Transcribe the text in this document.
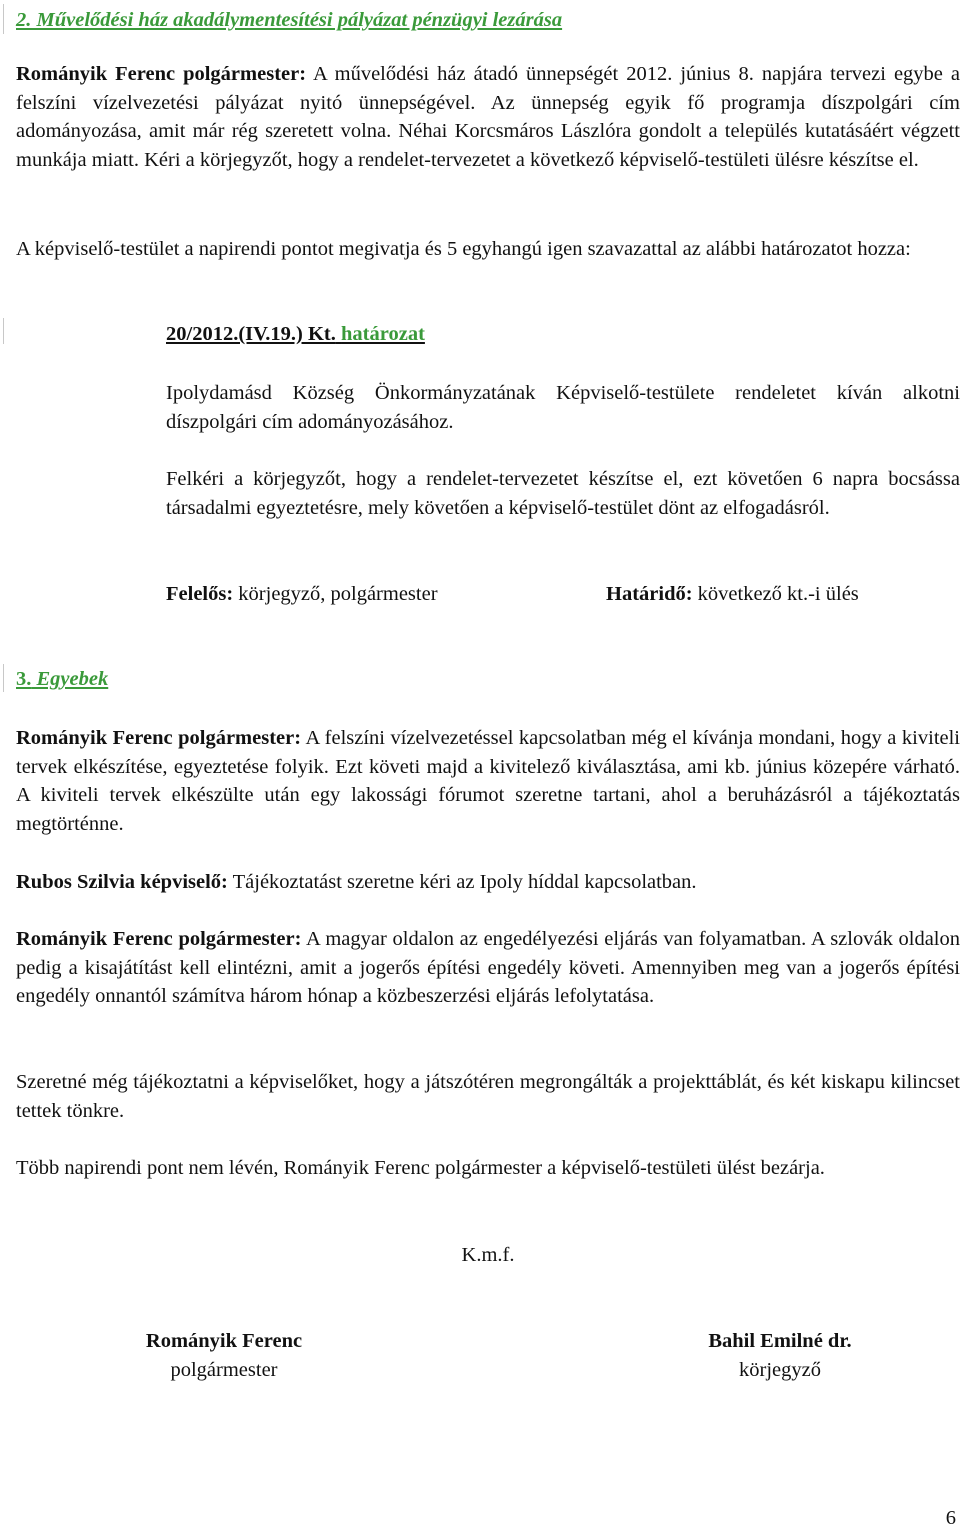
2. Művelődési ház akadálymentesítési pályázat pénzügyi lezárása
Rományik Ferenc polgármester: A művelődési ház átadó ünnepségét 2012. június 8. napjára tervezi egybe a felszíni vízelvezetési pályázat nyitó ünnepségével. Az ünnepség egyik fő programja díszpolgári cím adományozása, amit már rég szeretett volna. Néhai Korcsmáros Lászlóra gondolt a település kutatásáért végzett munkája miatt. Kéri a körjegyzőt, hogy a rendelet-tervezetet a következő képviselő-testületi ülésre készítse el.
A képviselő-testület a napirendi pontot megivatja és 5 egyhangú igen szavazattal az alábbi határozatot hozza:
20/2012.(IV.19.) Kt. határozat
Ipolydamásd Község Önkormányzatának Képviselő-testülete rendeletet kíván alkotni díszpolgári cím adományozásához.
Felkéri a körjegyzőt, hogy a rendelet-tervezetet készítse el, ezt követően 6 napra bocsássa társadalmi egyeztetésre, mely követően a képviselő-testület dönt az elfogadásról.
Felelős: körjegyző, polgármester	Határidő: következő kt.-i ülés
3. Egyebek
Rományik Ferenc polgármester: A felszíni vízelvezetéssel kapcsolatban még el kívánja mondani, hogy a kiviteli tervek elkészítése, egyeztetése folyik. Ezt követi majd a kivitelező kiválasztása, ami kb. június közepére várható. A kiviteli tervek elkészülte után egy lakossági fórumot szeretne tartani, ahol a beruházásról a tájékoztatás megtörténne.
Rubos Szilvia képviselő: Tájékoztatást szeretne kéri az Ipoly híddal kapcsolatban.
Rományik Ferenc polgármester: A magyar oldalon az engedélyezési eljárás van folyamatban. A szlovák oldalon pedig a kisajátítást kell elintézni, amit a jogerős építési engedély követi. Amennyiben meg van a jogerős építési engedély onnantól számítva három hónap a közbeszerzési eljárás lefolytatása.
Szeretné még tájékoztatni a képviselőket, hogy a játszótéren megrongálták a projekttáblát, és két kiskapu kilincset tettek tönkre.
Több napirendi pont nem lévén, Rományik Ferenc polgármester a képviselő-testületi ülést bezárja.
K.m.f.
Rományik Ferenc
polgármester
Bahil Emilné dr.
körjegyző
6
